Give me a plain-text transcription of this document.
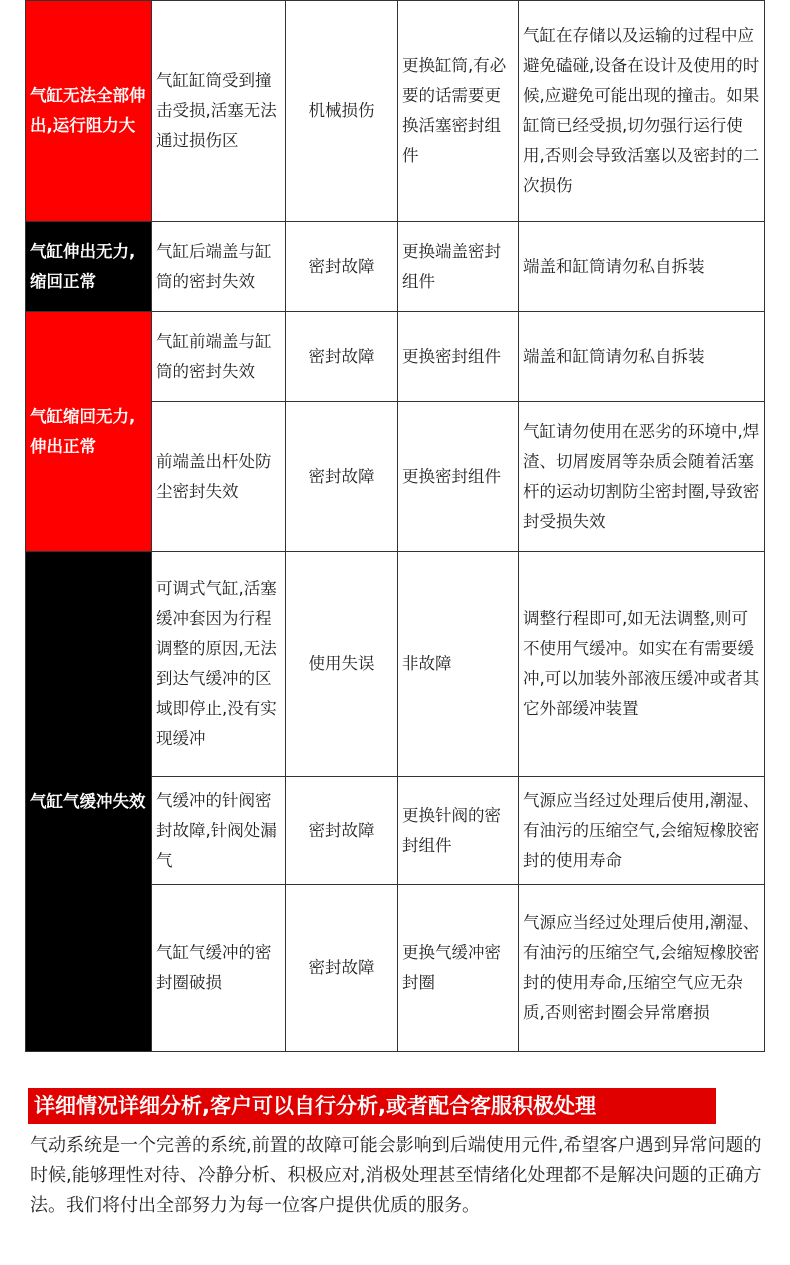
气缸无法全部伸出,运行阻力大	气缸缸筒受到撞击受损,活塞无法通过损伤区	机械损伤	更换缸筒,有必要的话需要更换活塞密封组件	气缸在存储以及运输的过程中应避免磕碰,设备在设计及使用的时候,应避免可能出现的撞击。如果缸筒已经受损,切勿强行运行使用,否则会导致活塞以及密封的二次损伤
气缸伸出无力,缩回正常	气缸后端盖与缸筒的密封失效	密封故障	更换端盖密封组件	端盖和缸筒请勿私自拆装
气缸缩回无力,伸出正常	气缸前端盖与缸筒的密封失效	密封故障	更换密封组件	端盖和缸筒请勿私自拆装
	前端盖出杆处防尘密封失效	密封故障	更换密封组件	气缸请勿使用在恶劣的环境中,焊渣、切屑废屑等杂质会随着活塞杆的运动切割防尘密封圈,导致密封受损失效
气缸气缓冲失效	可调式气缸,活塞缓冲套因为行程调整的原因,无法到达气缓冲的区域即停止,没有实现缓冲	使用失误	非故障	调整行程即可,如无法调整,则可不使用气缓冲。如实在有需要缓冲,可以加装外部液压缓冲或者其它外部缓冲装置
	气缓冲的针阀密封故障,针阀处漏气	密封故障	更换针阀的密封组件	气源应当经过处理后使用,潮湿、有油污的压缩空气,会缩短橡胶密封的使用寿命
	气缸气缓冲的密封圈破损	密封故障	更换气缓冲密封圈	气源应当经过处理后使用,潮湿、有油污的压缩空气,会缩短橡胶密封的使用寿命,压缩空气应无杂质,否则密封圈会异常磨损
详细情况详细分析,客户可以自行分析,或者配合客服积极处理
气动系统是一个完善的系统,前置的故障可能会影响到后端使用元件,希望客户遇到异常问题的时候,能够理性对待、冷静分析、积极应对,消极处理甚至情绪化处理都不是解决问题的正确方法。我们将付出全部努力为每一位客户提供优质的服务。
